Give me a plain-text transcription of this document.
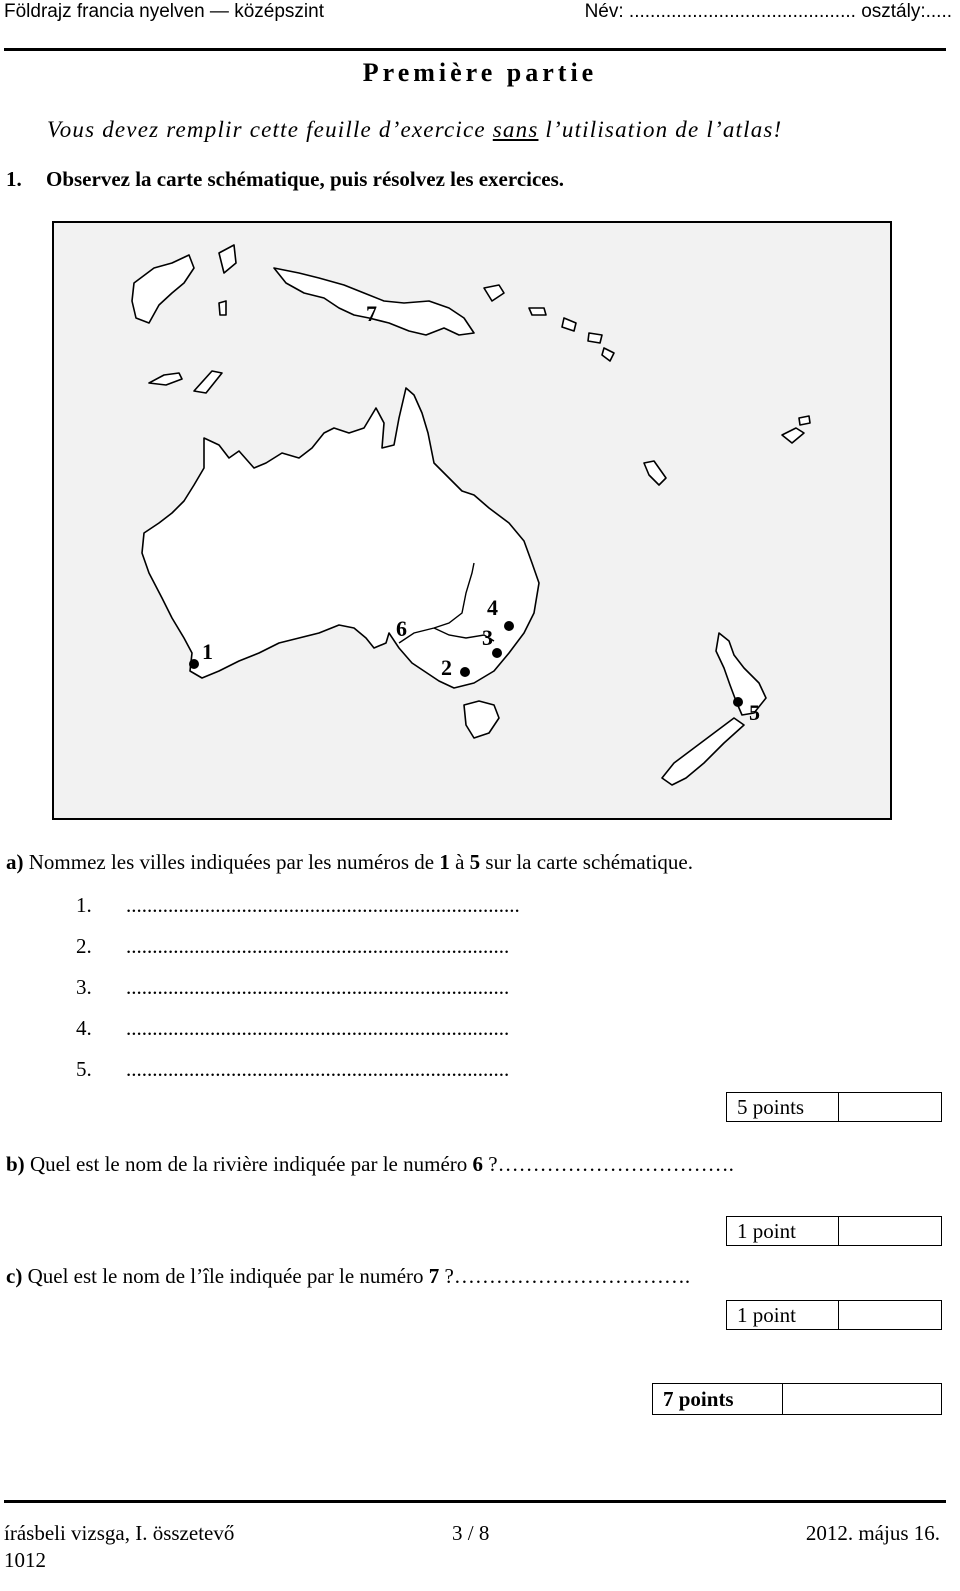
Földrajz francia nyelven — középszint	Név: ........................................... osztály:.....
Première partie
Vous devez remplir cette feuille d’exercice sans l’utilisation de l’atlas!
1. Observez la carte schématique, puis résolvez les exercices.
1
2
3
4
5
6
7
a) Nommez les villes indiquées par les numéros de 1 à 5 sur la carte schématique.
1. ...........................................................................
2. .........................................................................
3. .........................................................................
4. .........................................................................
5. .........................................................................
5 points
b) Quel est le nom de la rivière indiquée par le numéro 6 ?…………………………….
1 point
c) Quel est le nom de l’île indiquée par le numéro 7 ?…………………………….
1 point
7 points
írásbeli vizsga, I. összetevő	3 / 8	2012. május 16.
1012
